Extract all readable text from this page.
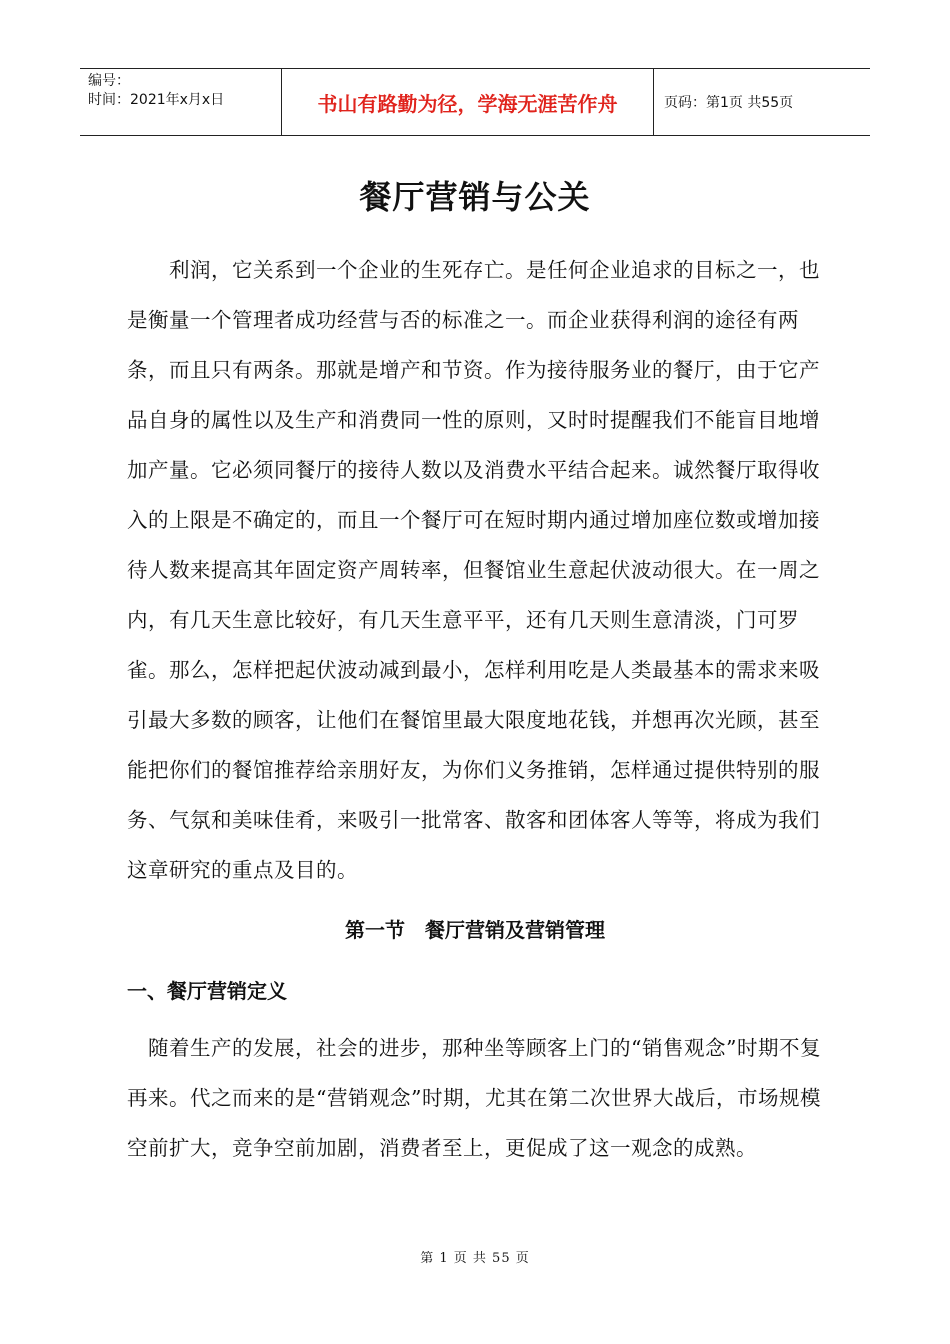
编号：
时间：2021年x月x日	书山有路勤为径，学海无涯苦作舟	页码：第1页 共55页
餐厅营销与公关

　　利润，它关系到一个企业的生死存亡。是任何企业追求的目标之一，也是衡量一个管理者成功经营与否的标准之一。而企业获得利润的途径有两条，而且只有两条。那就是增产和节资。作为接待服务业的餐厅，由于它产品自身的属性以及生产和消费同一性的原则，又时时提醒我们不能盲目地增加产量。它必须同餐厅的接待人数以及消费水平结合起来。诚然餐厅取得收入的上限是不确定的，而且一个餐厅可在短时期内通过增加座位数或增加接待人数来提高其年固定资产周转率，但餐馆业生意起伏波动很大。在一周之内，有几天生意比较好，有几天生意平平，还有几天则生意清淡，门可罗雀。那么，怎样把起伏波动减到最小，怎样利用吃是人类最基本的需求来吸引最大多数的顾客，让他们在餐馆里最大限度地花钱，并想再次光顾，甚至能把你们的餐馆推荐给亲朋好友，为你们义务推销，怎样通过提供特别的服务、气氛和美味佳肴，来吸引一批常客、散客和团体客人等等，将成为我们这章研究的重点及目的。

第一节　餐厅营销及营销管理
一、餐厅营销定义

　随着生产的发展，社会的进步，那种坐等顾客上门的“销售观念”时期不复再来。代之而来的是“营销观念”时期，尤其在第二次世界大战后，市场规模空前扩大，竞争空前加剧，消费者至上，更促成了这一观念的成熟。

第 1 页 共 55 页
